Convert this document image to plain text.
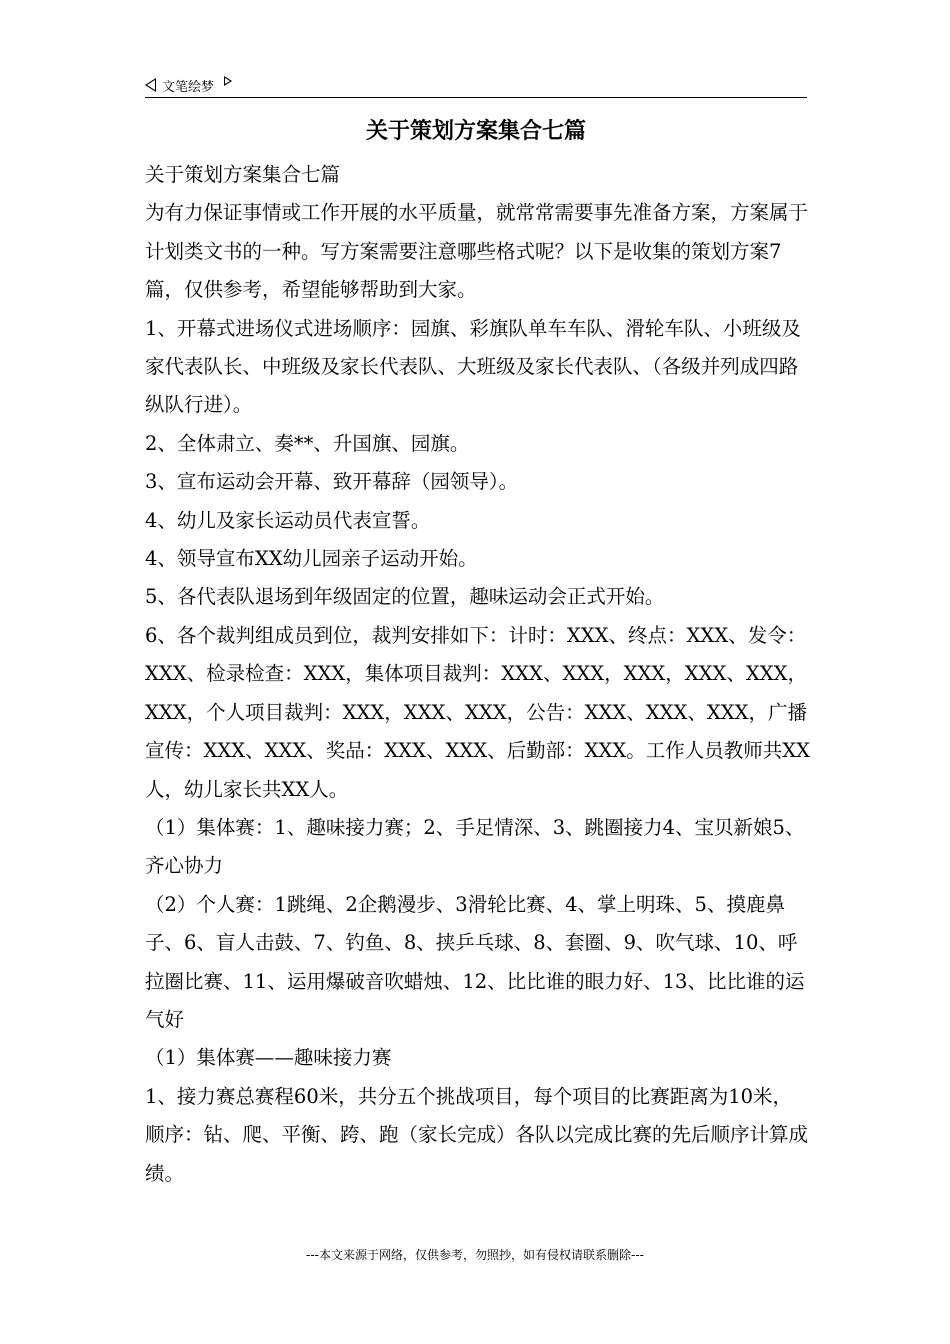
文笔绘梦
关于策划方案集合七篇

关于策划方案集合七篇

为有力保证事情或工作开展的水平质量，就常常需要事先准备方案，方案属于计划类文书的一种。写方案需要注意哪些格式呢？以下是收集的策划方案7篇，仅供参考，希望能够帮助到大家。

1、开幕式进场仪式进场顺序：园旗、彩旗队单车车队、滑轮车队、小班级及家代表队长、中班级及家长代表队、大班级及家长代表队、（各级并列成四路纵队行进）。

2、全体肃立、奏**、升国旗、园旗。

3、宣布运动会开幕、致开幕辞（园领导）。

4、幼儿及家长运动员代表宣誓。

4、领导宣布XX幼儿园亲子运动开始。

5、各代表队退场到年级固定的位置，趣味运动会正式开始。

6、各个裁判组成员到位，裁判安排如下：计时：XXX、终点：XXX、发令：XXX、检录检查：XXX，集体项目裁判：XXX、XXX，XXX，XXX、XXX，XXX，个人项目裁判：XXX，XXX、XXX，公告：XXX、XXX、XXX，广播宣传：XXX、XXX、奖品：XXX、XXX、后勤部：XXX。工作人员教师共XX人，幼儿家长共XX人。

（1）集体赛：1、趣味接力赛；2、手足情深、3、跳圈接力4、宝贝新娘5、齐心协力

（2）个人赛：1跳绳、2企鹅漫步、3滑轮比赛、4、掌上明珠、5、摸鹿鼻子、6、盲人击鼓、7、钓鱼、8、挟乒乓球、8、套圈、9、吹气球、10、呼拉圈比赛、11、运用爆破音吹蜡烛、12、比比谁的眼力好、13、比比谁的运气好

（1）集体赛——趣味接力赛

1、接力赛总赛程60米，共分五个挑战项目，每个项目的比赛距离为10米，顺序：钻、爬、平衡、跨、跑（家长完成）各队以完成比赛的先后顺序计算成绩。

---本文来源于网络，仅供参考，勿照抄，如有侵权请联系删除---
